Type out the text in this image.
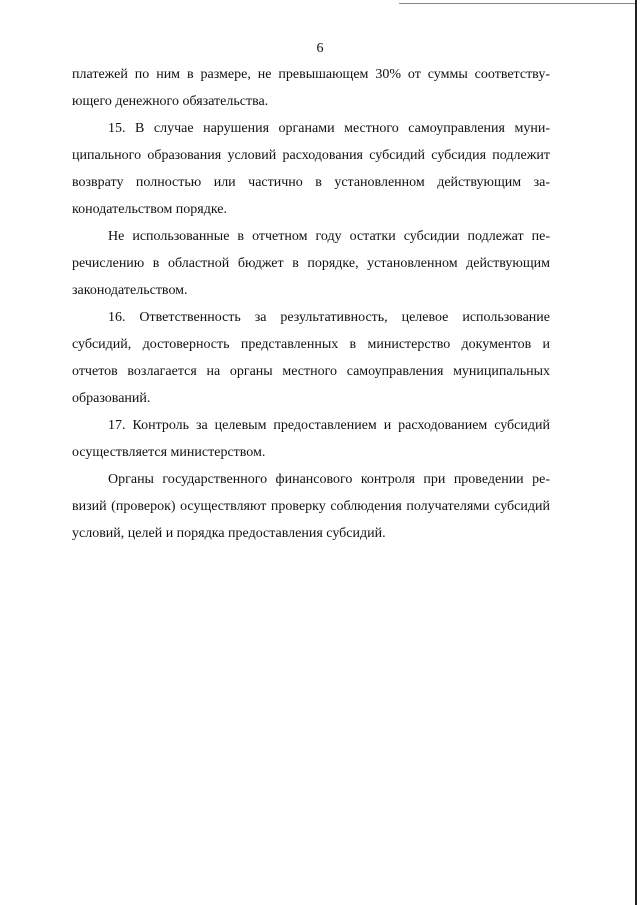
6

платежей по ним в размере, не превышающем 30% от суммы соответствующего денежного обязательства.

15. В случае нарушения органами местного самоуправления муниципального образования условий расходования субсидий субсидия подлежит возврату полностью или частично в установленном действующим законодательством порядке.

Не использованные в отчетном году остатки субсидии подлежат перечислению в областной бюджет в порядке, установленном действующим законодательством.

16. Ответственность за результативность, целевое использование субсидий, достоверность представленных в министерство документов и отчетов возлагается на органы местного самоуправления муниципальных образований.

17. Контроль за целевым предоставлением и расходованием субсидий осуществляется министерством.

Органы государственного финансового контроля при проведении ревизий (проверок) осуществляют проверку соблюдения получателями субсидий условий, целей и порядка предоставления субсидий.
